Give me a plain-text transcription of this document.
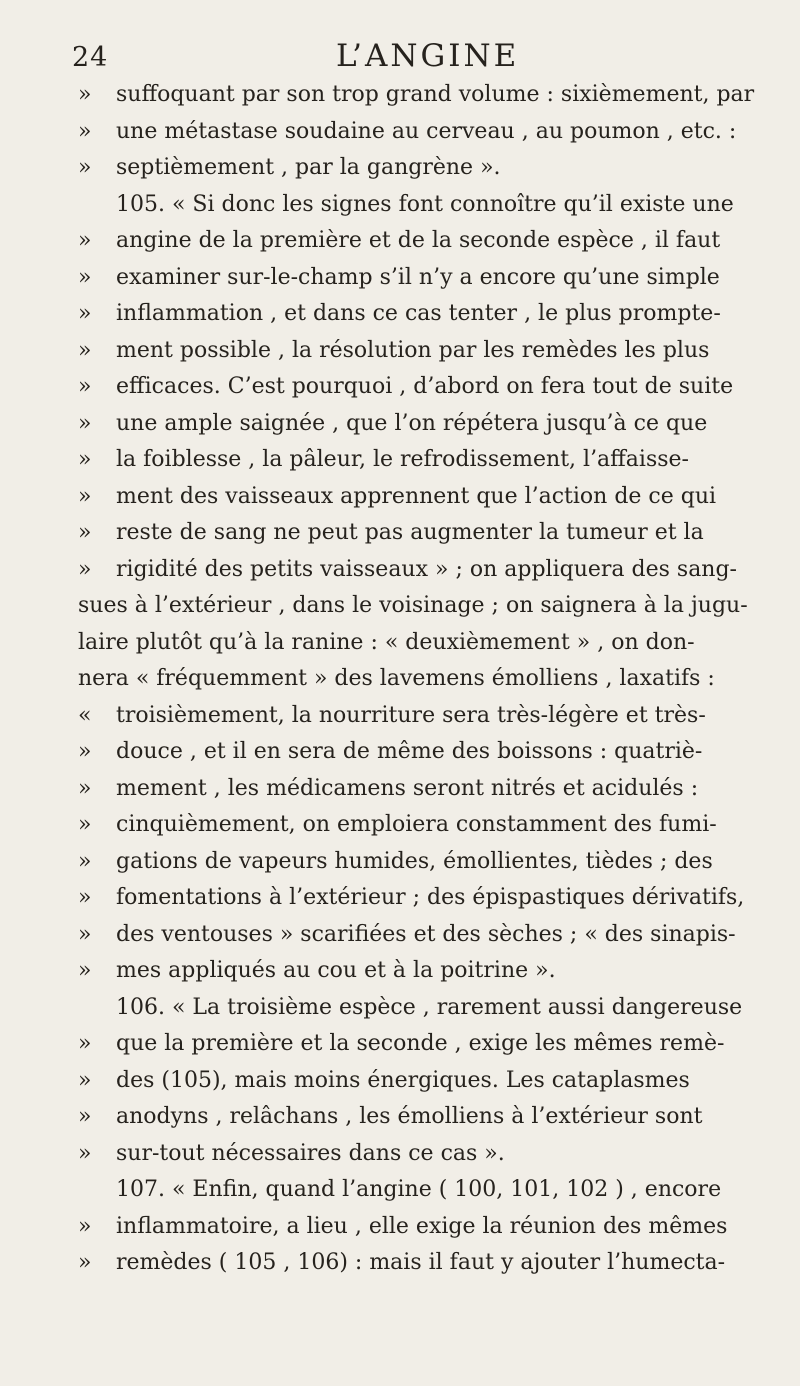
24	L’ANGINE
» suffoquant par son trop grand volume : sixièmement, par
» une métastase soudaine au cerveau , au poumon , etc. :
» septièmement , par la gangrène ».
105. « Si donc les signes font connoître qu’il existe une
» angine de la première et de la seconde espèce , il faut
» examiner sur-le-champ s’il n’y a encore qu’une simple
» inflammation , et dans ce cas tenter , le plus prompte-
» ment possible , la résolution par les remèdes les plus
» efficaces. C’est pourquoi , d’abord on fera tout de suite
» une ample saignée , que l’on répétera jusqu’à ce que
» la foiblesse , la pâleur, le refrodissement, l’affaisse-
» ment des vaisseaux apprennent que l’action de ce qui
» reste de sang ne peut pas augmenter la tumeur et la
» rigidité des petits vaisseaux » ; on appliquera des sang-
sues à l’extérieur , dans le voisinage ; on saignera à la jugu-
laire plutôt qu’à la ranine : « deuxièmement » , on don-
nera « fréquemment » des lavemens émolliens , laxatifs :
« troisièmement, la nourriture sera très-légère et très-
» douce , et il en sera de même des boissons : quatriè-
» mement , les médicamens seront nitrés et acidulés :
» cinquièmement, on emploiera constamment des fumi-
» gations de vapeurs humides, émollientes, tièdes ; des
» fomentations à l’extérieur ; des épispastiques dérivatifs,
» des ventouses » scarifiées et des sèches ; « des sinapis-
» mes appliqués au cou et à la poitrine ».
106. « La troisième espèce , rarement aussi dangereuse
» que la première et la seconde , exige les mêmes remè-
» des (105), mais moins énergiques. Les cataplasmes
» anodyns , relâchans , les émolliens à l’extérieur sont
» sur-tout nécessaires dans ce cas ».
107. « Enfin, quand l’angine ( 100, 101, 102 ) , encore
» inflammatoire, a lieu , elle exige la réunion des mêmes
» remèdes ( 105 , 106) : mais il faut y ajouter l’humecta-
